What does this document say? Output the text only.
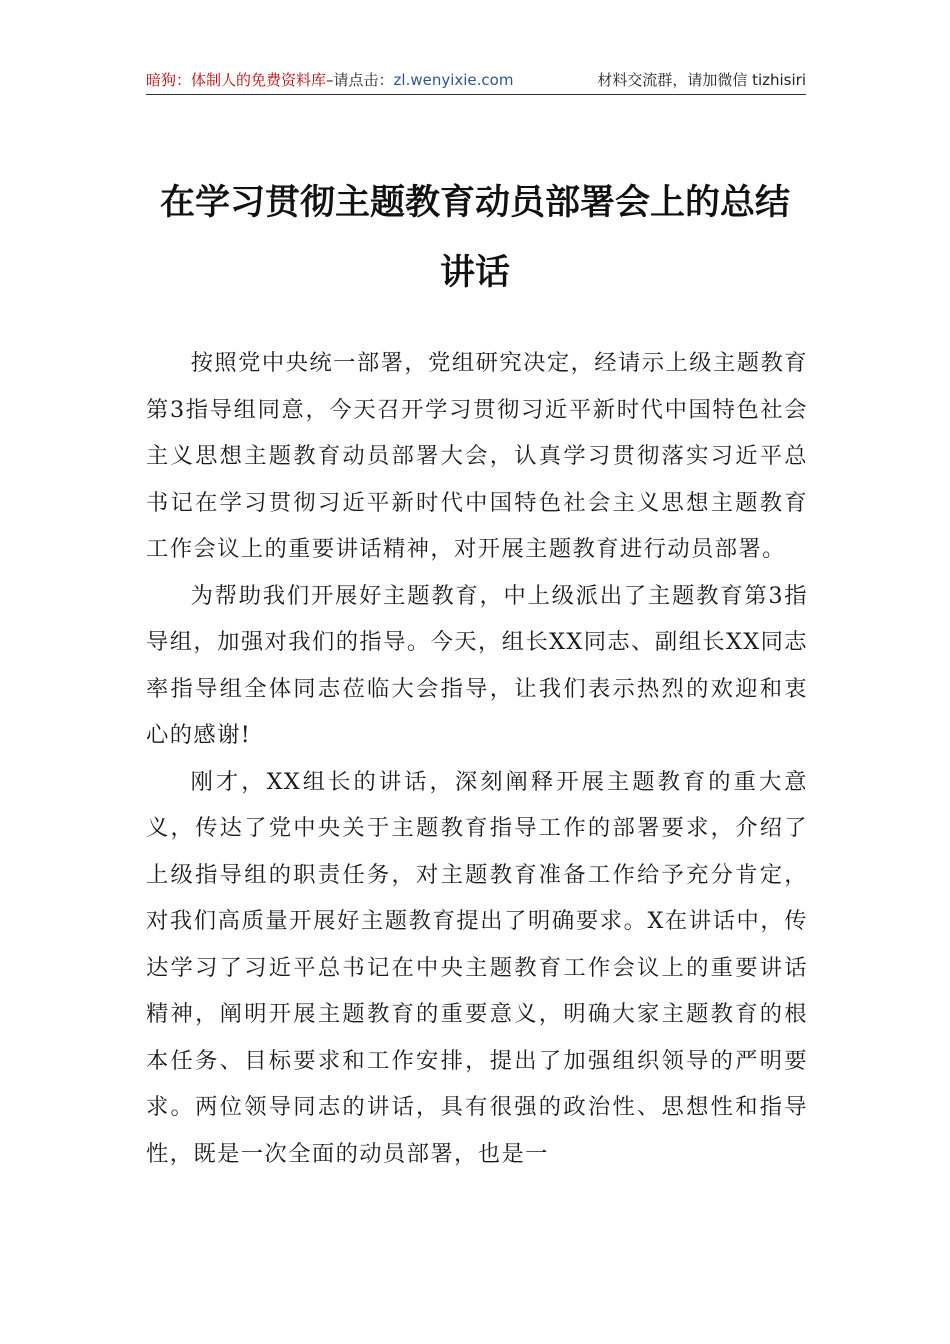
暗狗：体制人的免费资料库–请点击：zl.wenyixie.com	材料交流群，请加微信 tizhisiri
在学习贯彻主题教育动员部署会上的总结
讲话

按照党中央统一部署，党组研究决定，经请示上级主题教育第3指导组同意，今天召开学习贯彻习近平新时代中国特色社会主义思想主题教育动员部署大会，认真学习贯彻落实习近平总书记在学习贯彻习近平新时代中国特色社会主义思想主题教育工作会议上的重要讲话精神，对开展主题教育进行动员部署。

为帮助我们开展好主题教育，中上级派出了主题教育第3指导组，加强对我们的指导。今天，组长XX同志、副组长XX同志率指导组全体同志莅临大会指导，让我们表示热烈的欢迎和衷心的感谢!

刚才，XX组长的讲话，深刻阐释开展主题教育的重大意义，传达了党中央关于主题教育指导工作的部署要求，介绍了上级指导组的职责任务，对主题教育准备工作给予充分肯定，对我们高质量开展好主题教育提出了明确要求。X在讲话中，传达学习了习近平总书记在中央主题教育工作会议上的重要讲话精神，阐明开展主题教育的重要意义，明确大家主题教育的根本任务、目标要求和工作安排，提出了加强组织领导的严明要求。两位领导同志的讲话，具有很强的政治性、思想性和指导性，既是一次全面的动员部署，也是一
